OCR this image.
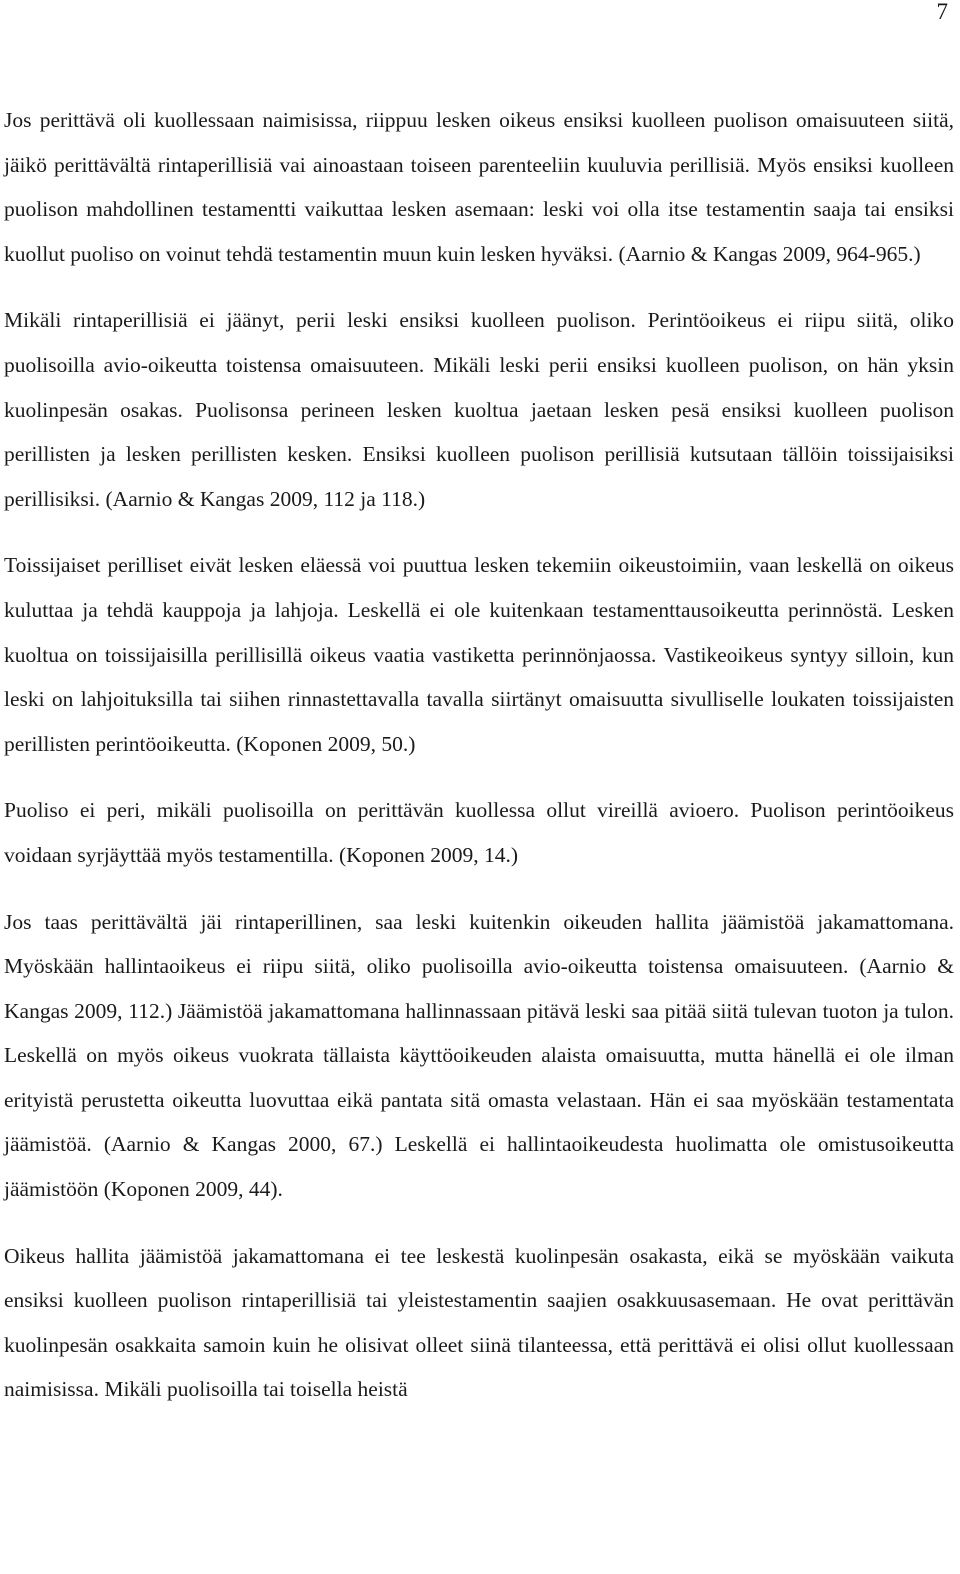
7

Jos perittävä oli kuollessaan naimisissa, riippuu lesken oikeus ensiksi kuolleen puolison omaisuuteen siitä, jäikö perittävältä rintaperillisiä vai ainoastaan toiseen parenteeliin kuuluvia perillisiä. Myös ensiksi kuolleen puolison mahdollinen testamentti vaikuttaa lesken asemaan: leski voi olla itse testamentin saaja tai ensiksi kuollut puoliso on voinut tehdä testamentin muun kuin lesken hyväksi. (Aarnio & Kangas 2009, 964-965.)

Mikäli rintaperillisiä ei jäänyt, perii leski ensiksi kuolleen puolison. Perintöoikeus ei riipu siitä, oliko puolisoilla avio-oikeutta toistensa omaisuuteen. Mikäli leski perii ensiksi kuolleen puolison, on hän yksin kuolinpesän osakas. Puolisonsa perineen lesken kuoltua jaetaan lesken pesä ensiksi kuolleen puolison perillisten ja lesken perillisten kesken. Ensiksi kuolleen puolison perillisiä kutsutaan tällöin toissijaisiksi perillisiksi. (Aarnio & Kangas 2009, 112 ja 118.)

Toissijaiset perilliset eivät lesken eläessä voi puuttua lesken tekemiin oikeustoimiin, vaan leskellä on oikeus kuluttaa ja tehdä kauppoja ja lahjoja. Leskellä ei ole kuitenkaan testamenttausoikeutta perinnöstä. Lesken kuoltua on toissijaisilla perillisillä oikeus vaatia vastiketta perinnönjaossa. Vastikeoikeus syntyy silloin, kun leski on lahjoituksilla tai siihen rinnastettavalla tavalla siirtänyt omaisuutta sivulliselle loukaten toissijaisten perillisten perintöoikeutta. (Koponen 2009, 50.)

Puoliso ei peri, mikäli puolisoilla on perittävän kuollessa ollut vireillä avioero. Puolison perintöoikeus voidaan syrjäyttää myös testamentilla. (Koponen 2009, 14.)

Jos taas perittävältä jäi rintaperillinen, saa leski kuitenkin oikeuden hallita jäämistöä jakamattomana. Myöskään hallintaoikeus ei riipu siitä, oliko puolisoilla avio-oikeutta toistensa omaisuuteen. (Aarnio & Kangas 2009, 112.) Jäämistöä jakamattomana hallinnassaan pitävä leski saa pitää siitä tulevan tuoton ja tulon. Leskellä on myös oikeus vuokrata tällaista käyttöoikeuden alaista omaisuutta, mutta hänellä ei ole ilman erityistä perustetta oikeutta luovuttaa eikä pantata sitä omasta velastaan. Hän ei saa myöskään testamentata jäämistöä. (Aarnio & Kangas 2000, 67.) Leskellä ei hallintaoikeudesta huolimatta ole omistusoikeutta jäämistöön (Koponen 2009, 44).

Oikeus hallita jäämistöä jakamattomana ei tee leskestä kuolinpesän osakasta, eikä se myöskään vaikuta ensiksi kuolleen puolison rintaperillisiä tai yleistestamentin saajien osakkuusasemaan. He ovat perittävän kuolinpesän osakkaita samoin kuin he olisivat olleet siinä tilanteessa, että perittävä ei olisi ollut kuollessaan naimisissa. Mikäli puolisoilla tai toisella heistä
